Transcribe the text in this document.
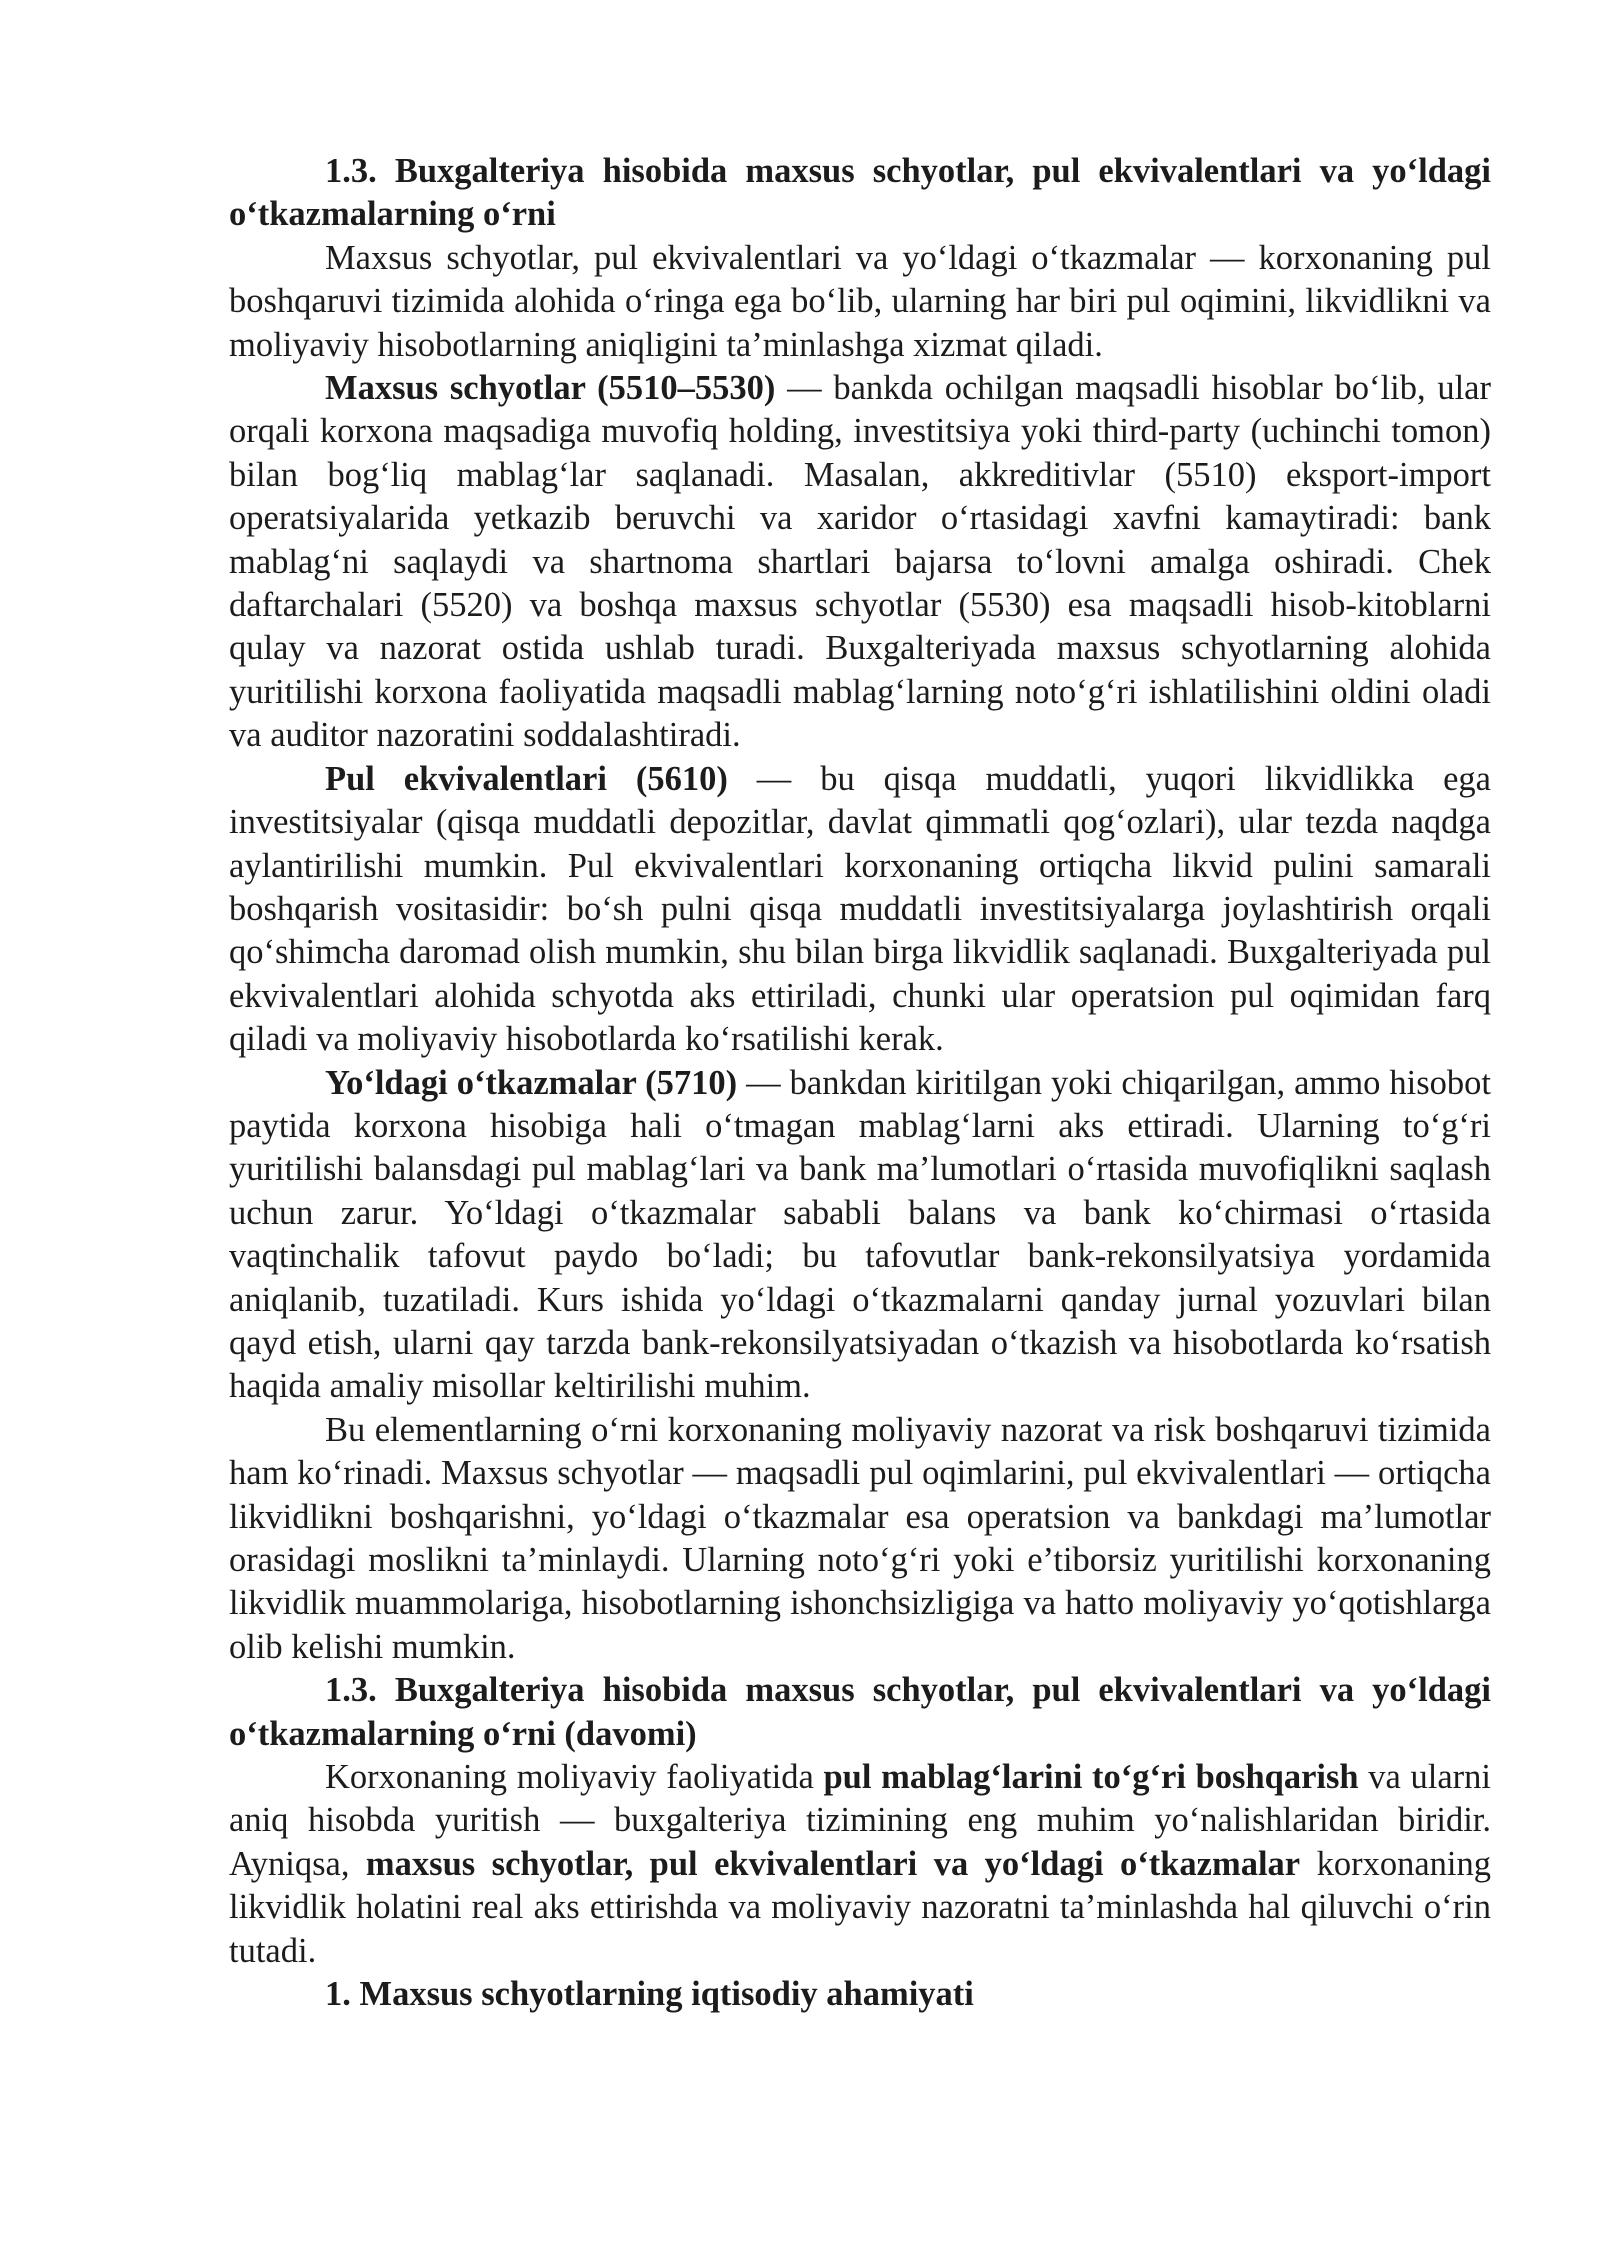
1.3. Buxgalteriya hisobida maxsus schyotlar, pul ekvivalentlari va yo‘ldagi o‘tkazmalarning o‘rni

Maxsus schyotlar, pul ekvivalentlari va yo‘ldagi o‘tkazmalar — korxonaning pul boshqaruvi tizimida alohida o‘ringa ega bo‘lib, ularning har biri pul oqimini, likvidlikni va moliyaviy hisobotlarning aniqligini ta’minlashga xizmat qiladi.

Maxsus schyotlar (5510–5530) — bankda ochilgan maqsadli hisoblar bo‘lib, ular orqali korxona maqsadiga muvofiq holding, investitsiya yoki third-party (uchinchi tomon) bilan bog‘liq mablag‘lar saqlanadi. Masalan, akkreditivlar (5510) eksport-import operatsiyalarida yetkazib beruvchi va xaridor o‘rtasidagi xavfni kamaytiradi: bank mablag‘ni saqlaydi va shartnoma shartlari bajarsa to‘lovni amalga oshiradi. Chek daftarchalari (5520) va boshqa maxsus schyotlar (5530) esa maqsadli hisob-kitoblarni qulay va nazorat ostida ushlab turadi. Buxgalteriyada maxsus schyotlarning alohida yuritilishi korxona faoliyatida maqsadli mablag‘larning noto‘g‘ri ishlatilishini oldini oladi va auditor nazoratini soddalashtiradi.

Pul ekvivalentlari (5610) — bu qisqa muddatli, yuqori likvidlikka ega investitsiyalar (qisqa muddatli depozitlar, davlat qimmatli qog‘ozlari), ular tezda naqdga aylantirilishi mumkin. Pul ekvivalentlari korxonaning ortiqcha likvid pulini samarali boshqarish vositasidir: bo‘sh pulni qisqa muddatli investitsiyalarga joylashtirish orqali qo‘shimcha daromad olish mumkin, shu bilan birga likvidlik saqlanadi. Buxgalteriyada pul ekvivalentlari alohida schyotda aks ettiriladi, chunki ular operatsion pul oqimidan farq qiladi va moliyaviy hisobotlarda ko‘rsatilishi kerak.

Yo‘ldagi o‘tkazmalar (5710) — bankdan kiritilgan yoki chiqarilgan, ammo hisobot paytida korxona hisobiga hali o‘tmagan mablag‘larni aks ettiradi. Ularning to‘g‘ri yuritilishi balansdagi pul mablag‘lari va bank ma’lumotlari o‘rtasida muvofiqlikni saqlash uchun zarur. Yo‘ldagi o‘tkazmalar sababli balans va bank ko‘chirmasi o‘rtasida vaqtinchalik tafovut paydo bo‘ladi; bu tafovutlar bank-rekonsilyatsiya yordamida aniqlanib, tuzatiladi. Kurs ishida yo‘ldagi o‘tkazmalarni qanday jurnal yozuvlari bilan qayd etish, ularni qay tarzda bank-rekonsilyatsiyadan o‘tkazish va hisobotlarda ko‘rsatish haqida amaliy misollar keltirilishi muhim.

Bu elementlarning o‘rni korxonaning moliyaviy nazorat va risk boshqaruvi tizimida ham ko‘rinadi. Maxsus schyotlar — maqsadli pul oqimlarini, pul ekvivalentlari — ortiqcha likvidlikni boshqarishni, yo‘ldagi o‘tkazmalar esa operatsion va bankdagi ma’lumotlar orasidagi moslikni ta’minlaydi. Ularning noto‘g‘ri yoki e’tiborsiz yuritilishi korxonaning likvidlik muammolariga, hisobotlarning ishonchsizligiga va hatto moliyaviy yo‘qotishlarga olib kelishi mumkin.

1.3. Buxgalteriya hisobida maxsus schyotlar, pul ekvivalentlari va yo‘ldagi o‘tkazmalarning o‘rni (davomi)

Korxonaning moliyaviy faoliyatida pul mablag‘larini to‘g‘ri boshqarish va ularni aniq hisobda yuritish — buxgalteriya tizimining eng muhim yo‘nalishlaridan biridir. Ayniqsa, maxsus schyotlar, pul ekvivalentlari va yo‘ldagi o‘tkazmalar korxonaning likvidlik holatini real aks ettirishda va moliyaviy nazoratni ta’minlashda hal qiluvchi o‘rin tutadi.

1. Maxsus schyotlarning iqtisodiy ahamiyati
